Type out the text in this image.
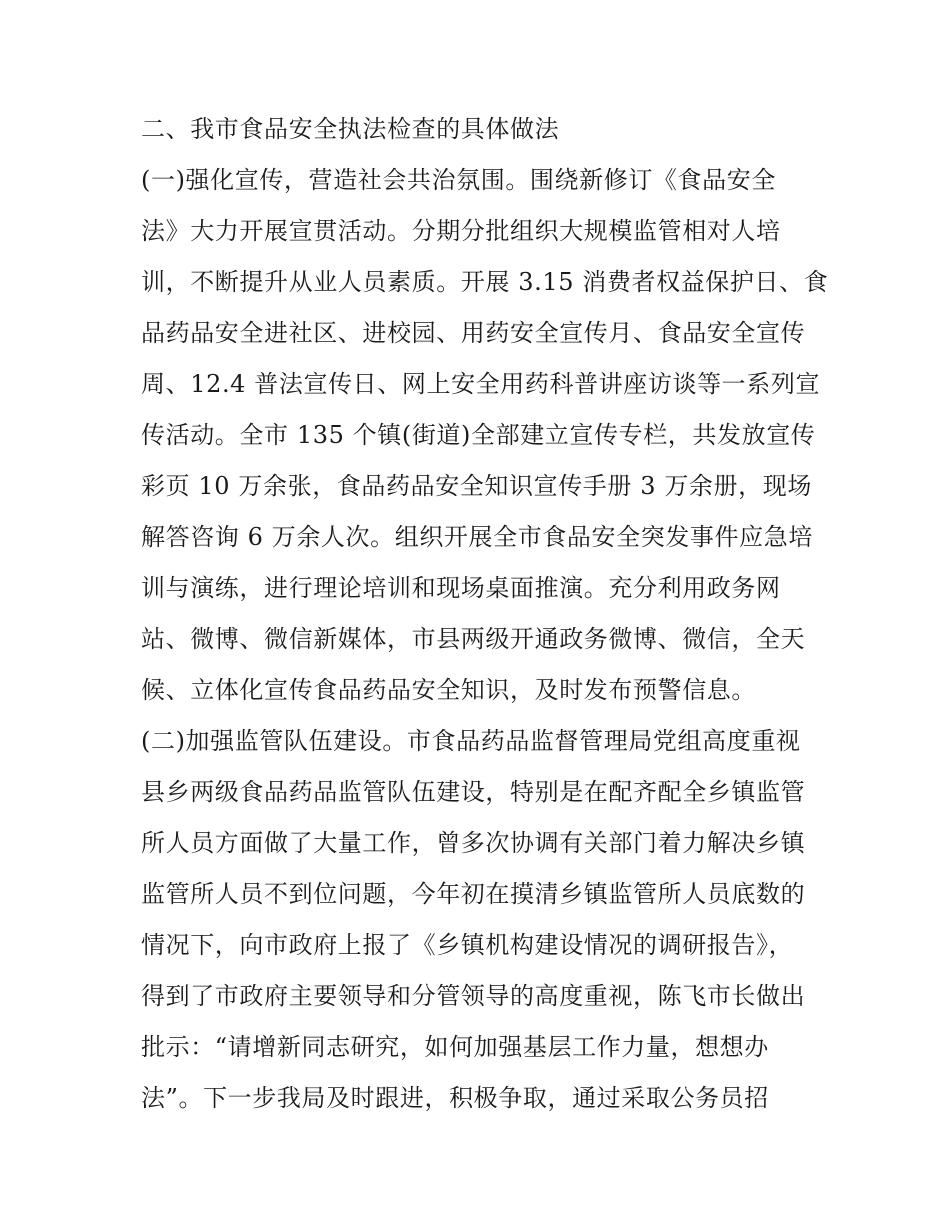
二、我市食品安全执法检查的具体做法
(一)强化宣传，营造社会共治氛围。围绕新修订《食品安全
法》大力开展宣贯活动。分期分批组织大规模监管相对人培
训，不断提升从业人员素质。开展 3.15 消费者权益保护日、食
品药品安全进社区、进校园、用药安全宣传月、食品安全宣传
周、12.4 普法宣传日、网上安全用药科普讲座访谈等一系列宣
传活动。全市 135 个镇(街道)全部建立宣传专栏，共发放宣传
彩页 10 万余张，食品药品安全知识宣传手册 3 万余册，现场
解答咨询 6 万余人次。组织开展全市食品安全突发事件应急培
训与演练，进行理论培训和现场桌面推演。充分利用政务网
站、微博、微信新媒体，市县两级开通政务微博、微信，全天
候、立体化宣传食品药品安全知识，及时发布预警信息。
(二)加强监管队伍建设。市食品药品监督管理局党组高度重视
县乡两级食品药品监管队伍建设，特别是在配齐配全乡镇监管
所人员方面做了大量工作，曾多次协调有关部门着力解决乡镇
监管所人员不到位问题，今年初在摸清乡镇监管所人员底数的
情况下，向市政府上报了《乡镇机构建设情况的调研报告》，
得到了市政府主要领导和分管领导的高度重视，陈飞市长做出
批示：“请增新同志研究，如何加强基层工作力量，想想办
法”。下一步我局及时跟进，积极争取，通过采取公务员招
